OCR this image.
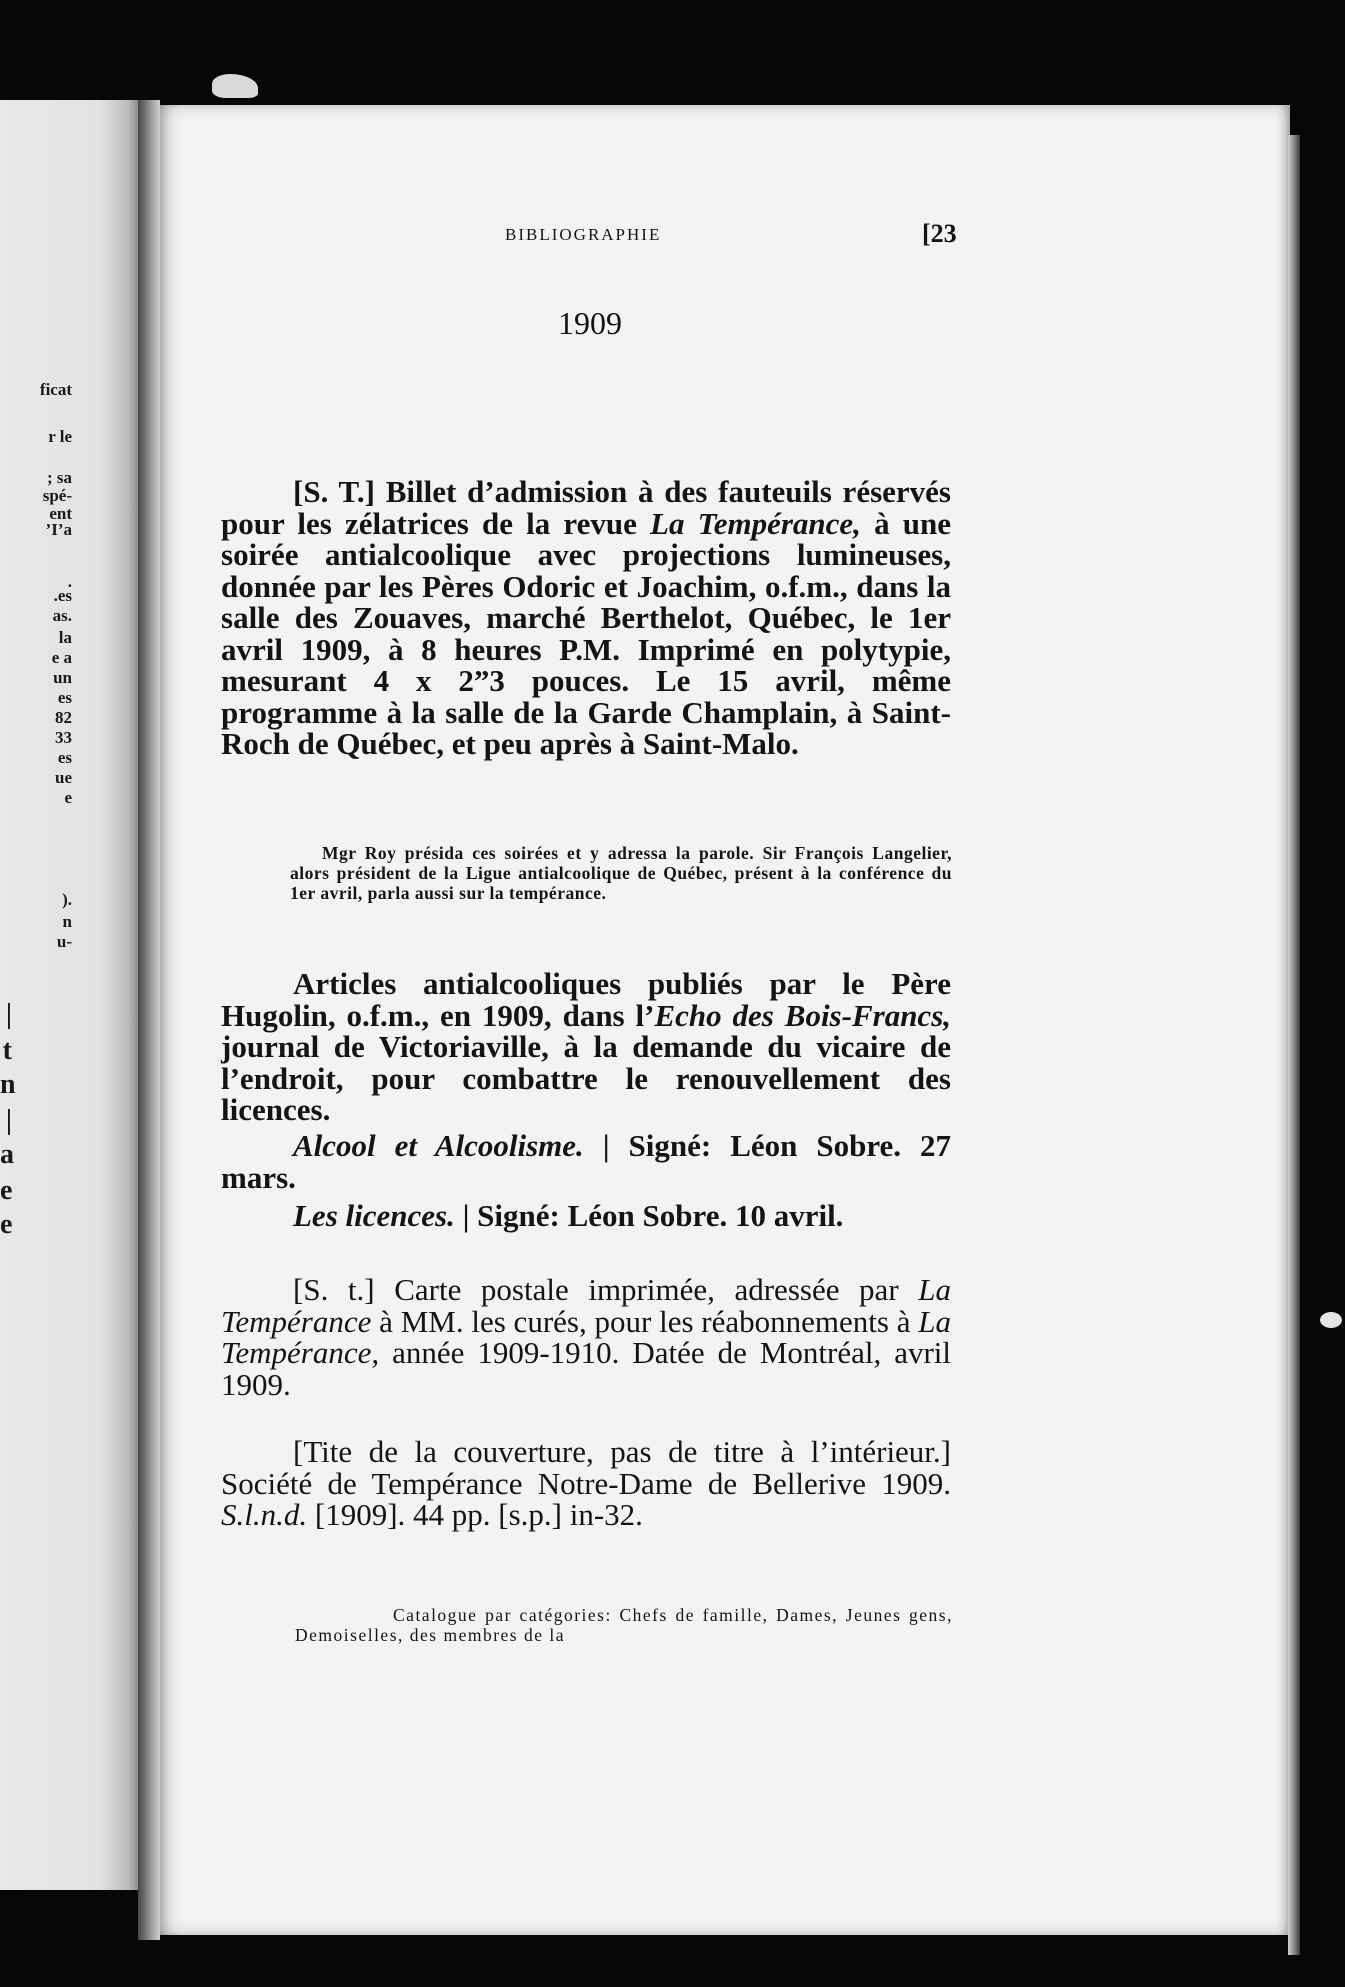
ficat
r le
; sa
spé-
ent
’I’a
.
.es
as.
la
e a
un
es
82
33
es
ue
e
).
n
u-
|
t
n
|
a
e
e
BIBLIOGRAPHIE	[23
1909
[S. T.] Billet d’admission à des fauteuils réservés pour les zélatrices de la revue La Tempérance, à une soirée antialcoolique avec projections lumineuses, donnée par les Pères Odoric et Joachim, o.f.m., dans la salle des Zouaves, marché Berthelot, Québec, le 1er avril 1909, à 8 heures P.M. Imprimé en polytypie, mesurant 4 x 2”3 pouces. Le 15 avril, même programme à la salle de la Garde Champlain, à Saint-Roch de Québec, et peu après à Saint-Malo.
Mgr Roy présida ces soirées et y adressa la parole. Sir François Langelier, alors président de la Ligue antialcoolique de Québec, présent à la conférence du 1er avril, parla aussi sur la tempérance.
Articles antialcooliques publiés par le Père Hugolin, o.f.m., en 1909, dans l’Echo des Bois-Francs, journal de Victoriaville, à la demande du vicaire de l’endroit, pour combattre le renouvellement des licences.
Alcool et Alcoolisme. | Signé: Léon Sobre. 27 mars.
Les licences. | Signé: Léon Sobre. 10 avril.
[S. t.] Carte postale imprimée, adressée par La Tempérance à MM. les curés, pour les réabonnements à La Tempérance, année 1909-1910. Datée de Montréal, avril 1909.
[Tite de la couverture, pas de titre à l’intérieur.] Société de Tempérance Notre-Dame de Bellerive 1909. S.l.n.d. [1909]. 44 pp. [s.p.] in-32.
Catalogue par catégories: Chefs de famille, Dames, Jeunes gens, Demoiselles, des membres de la
